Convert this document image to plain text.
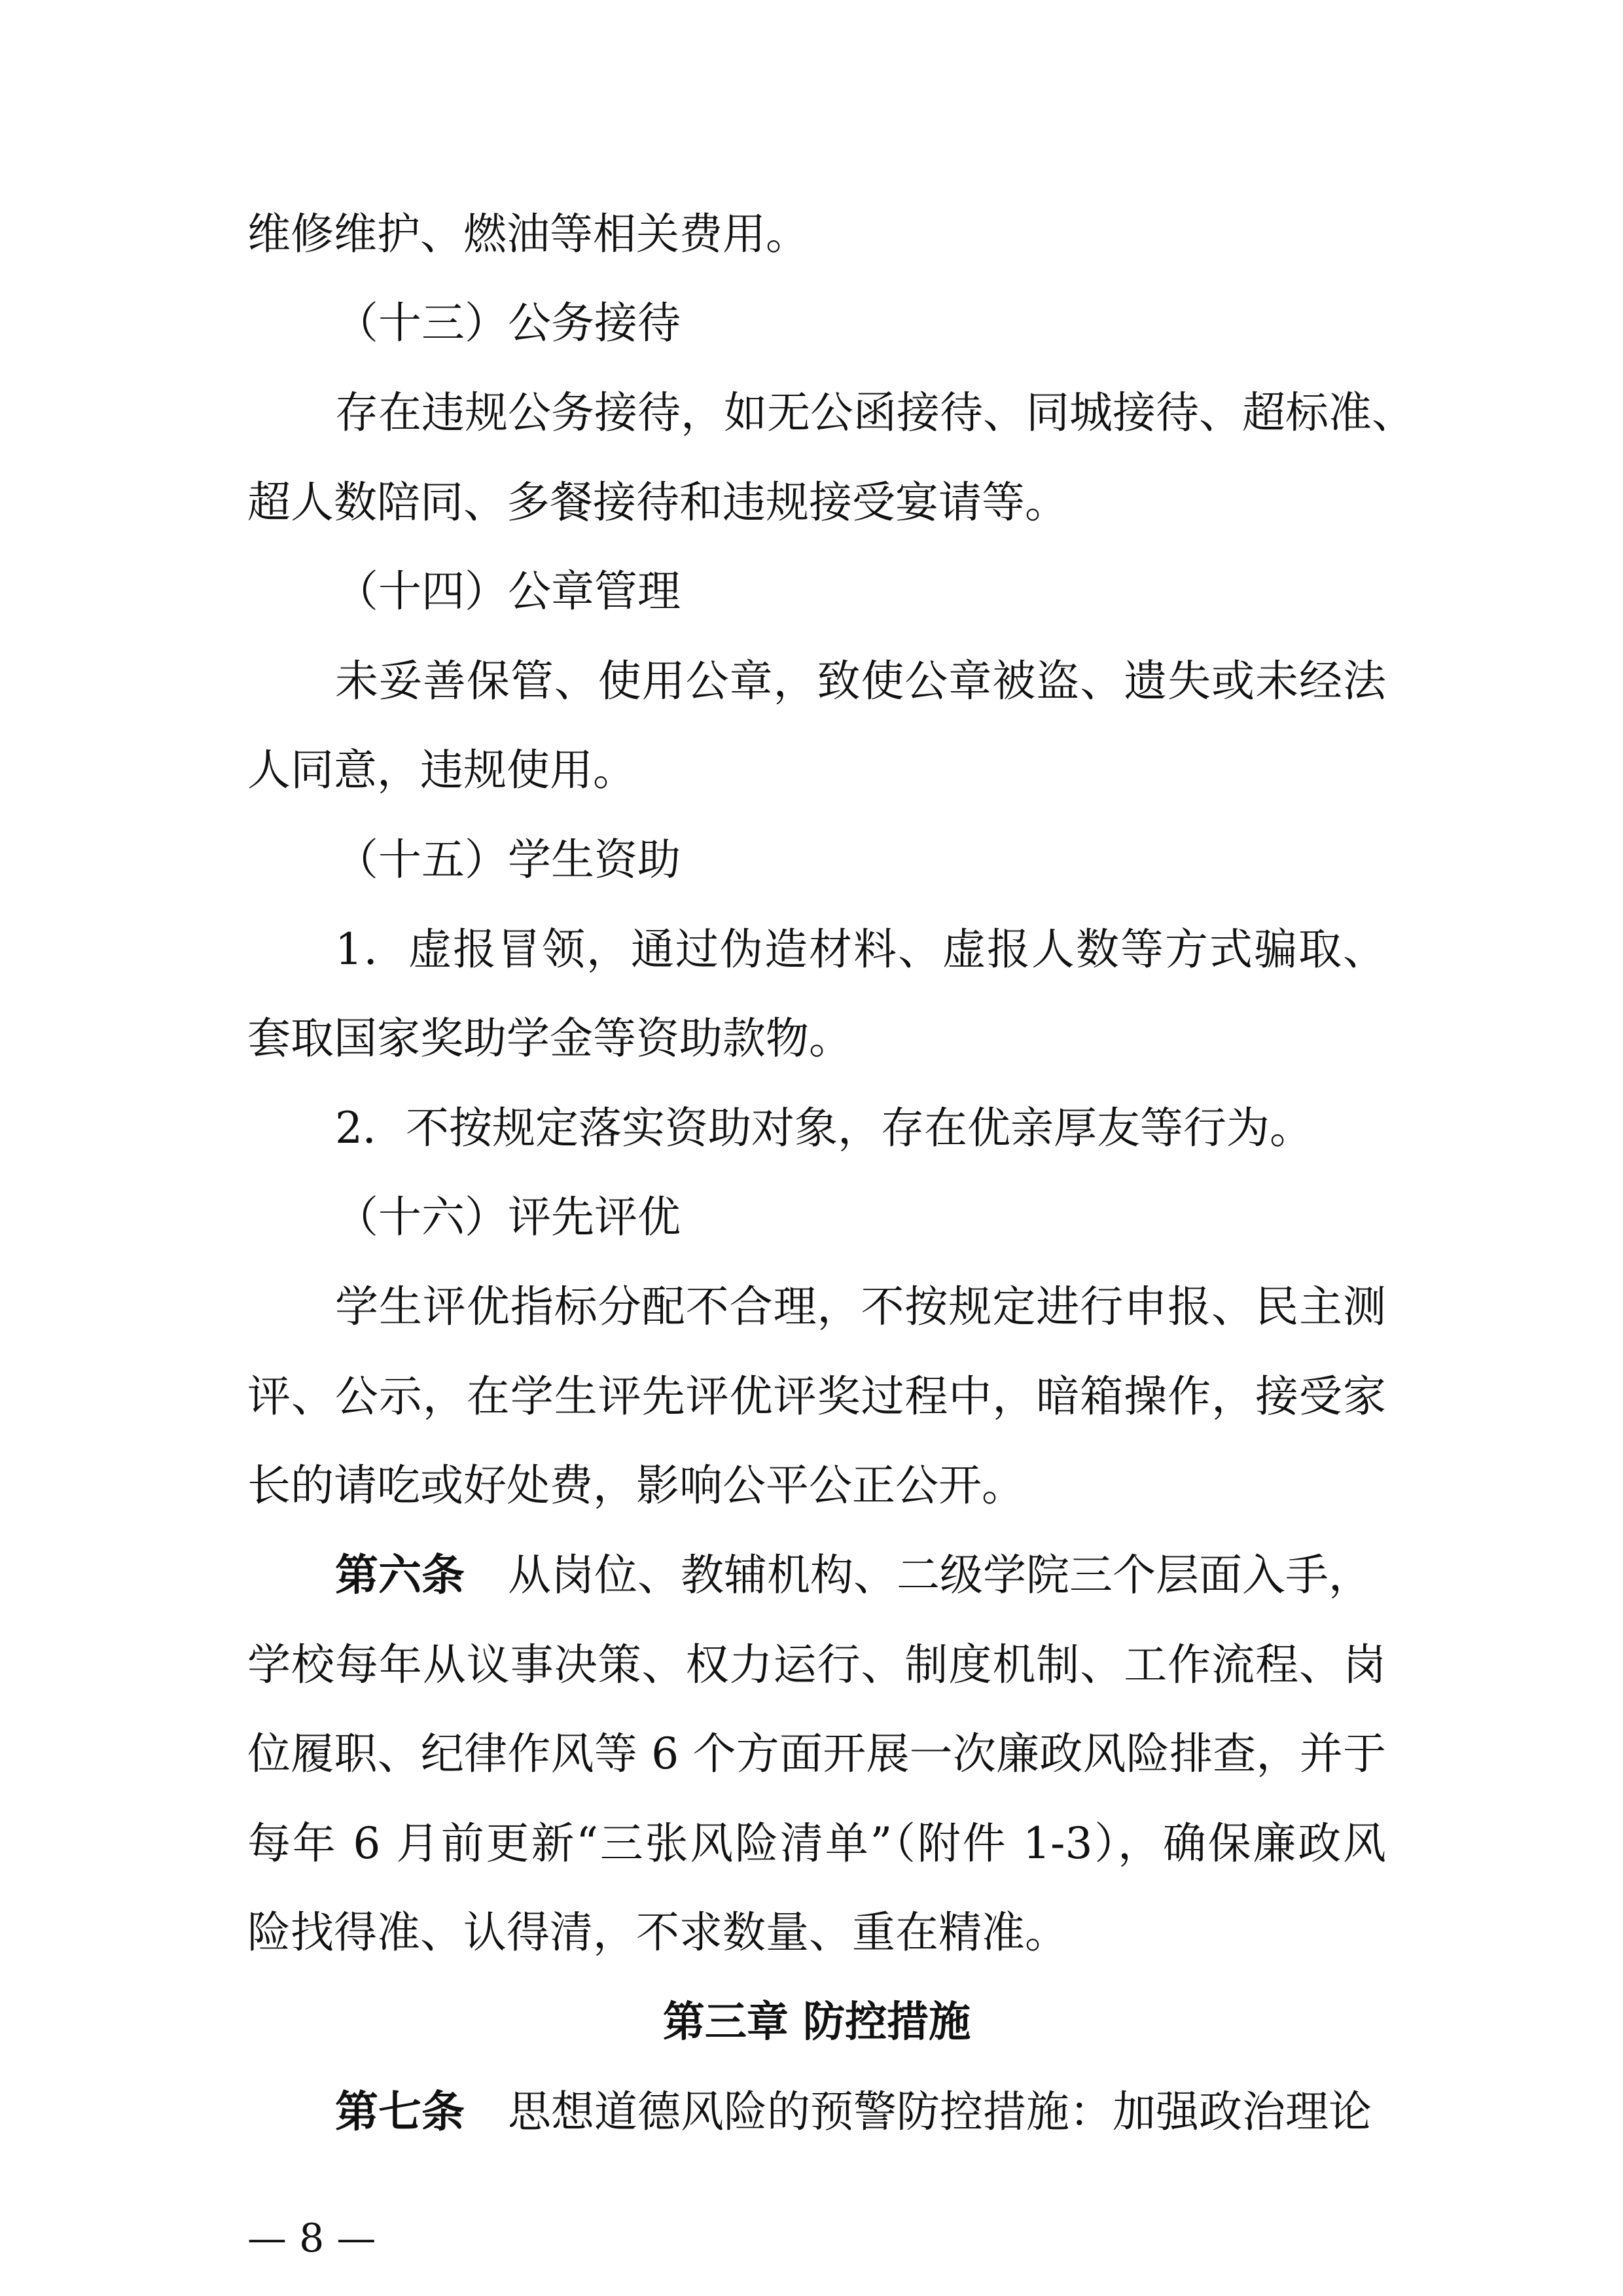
维修维护、燃油等相关费用。
（十三）公务接待
存在违规公务接待，如无公函接待、同城接待、超标准、
超人数陪同、多餐接待和违规接受宴请等。
（十四）公章管理
未妥善保管、使用公章，致使公章被盗、遗失或未经法
人同意，违规使用。
（十五）学生资助
1．虚报冒领，通过伪造材料、虚报人数等方式骗取、
套取国家奖助学金等资助款物。
2．不按规定落实资助对象，存在优亲厚友等行为。
（十六）评先评优
学生评优指标分配不合理，不按规定进行申报、民主测
评、公示，在学生评先评优评奖过程中，暗箱操作，接受家
长的请吃或好处费，影响公平公正公开。
第六条 从岗位、教辅机构、二级学院三个层面入手，
学校每年从议事决策、权力运行、制度机制、工作流程、岗
位履职、纪律作风等 6 个方面开展一次廉政风险排查，并于
每年 6 月前更新“三张风险清单”（附件 1-3），确保廉政风
险找得准、认得清，不求数量、重在精准。
第三章 防控措施
第七条 思想道德风险的预警防控措施：加强政治理论
— 8 —
